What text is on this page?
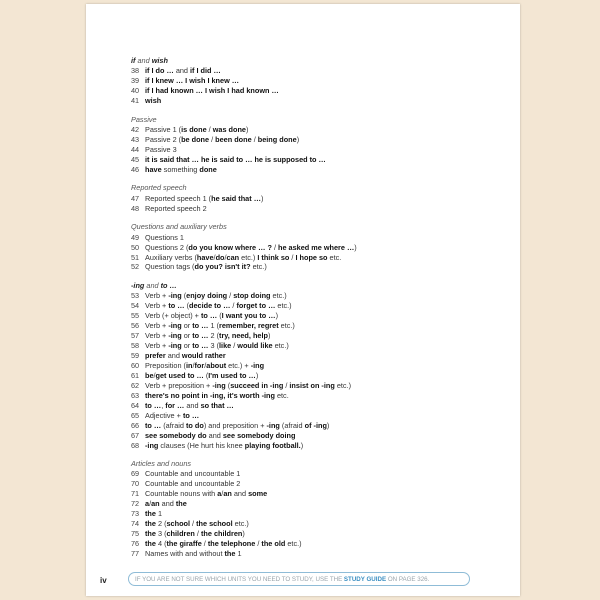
if and wish
38 if I do … and if I did …
39 if I knew … I wish I knew …
40 if I had known … I wish I had known …
41 wish
Passive
42 Passive 1 (is done / was done)
43 Passive 2 (be done / been done / being done)
44 Passive 3
45 it is said that … he is said to … he is supposed to …
46 have something done
Reported speech
47 Reported speech 1 (he said that …)
48 Reported speech 2
Questions and auxiliary verbs
49 Questions 1
50 Questions 2 (do you know where … ? / he asked me where …)
51 Auxiliary verbs (have/do/can etc.) I think so / I hope so etc.
52 Question tags (do you? isn't it? etc.)
-ing and to …
53 Verb + -ing (enjoy doing / stop doing etc.)
54 Verb + to … (decide to … / forget to … etc.)
55 Verb (+ object) + to … (I want you to …)
56 Verb + -ing or to … 1 (remember, regret etc.)
57 Verb + -ing or to … 2 (try, need, help)
58 Verb + -ing or to … 3 (like / would like etc.)
59 prefer and would rather
60 Preposition (in/for/about etc.) + -ing
61 be/get used to … (I'm used to …)
62 Verb + preposition + -ing (succeed in -ing / insist on -ing etc.)
63 there's no point in -ing, it's worth -ing etc.
64 to …, for … and so that …
65 Adjective + to …
66 to … (afraid to do) and preposition + -ing (afraid of -ing)
67 see somebody do and see somebody doing
68 -ing clauses (He hurt his knee playing football.)
Articles and nouns
69 Countable and uncountable 1
70 Countable and uncountable 2
71 Countable nouns with a/an and some
72 a/an and the
73 the 1
74 the 2 (school / the school etc.)
75 the 3 (children / the children)
76 the 4 (the giraffe / the telephone / the old etc.)
77 Names with and without the 1
iv	IF YOU ARE NOT SURE WHICH UNITS YOU NEED TO STUDY, USE THE STUDY GUIDE ON PAGE 326.
